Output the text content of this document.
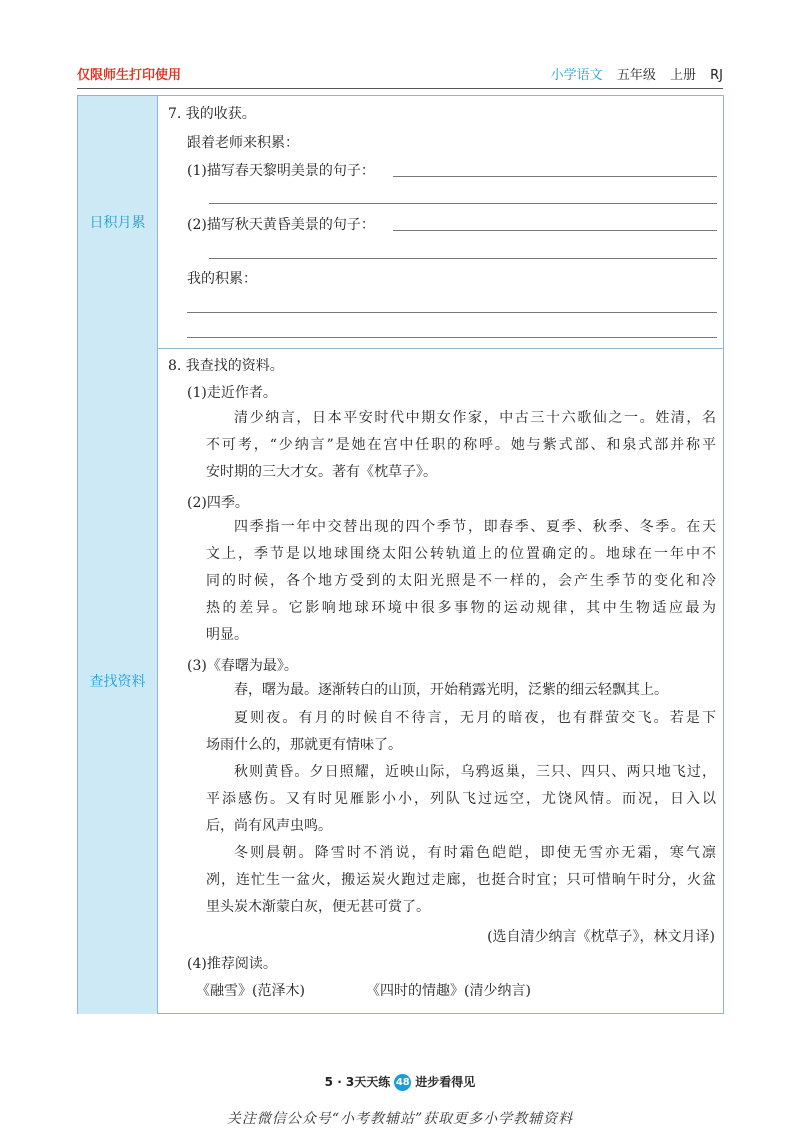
仅限师生打印使用	小学语文 五年级 上册 RJ
日积月累
查找资料
7. 我的收获。
跟着老师来积累：
(1)描写春天黎明美景的句子：
(2)描写秋天黄昏美景的句子：
我的积累：
8. 我查找的资料。
(1)走近作者。
清少纳言，日本平安时代中期女作家，中古三十六歌仙之一。姓清，名
不可考，“少纳言”是她在宫中任职的称呼。她与紫式部、和泉式部并称平
安时期的三大才女。著有《枕草子》。
(2)四季。
四季指一年中交替出现的四个季节，即春季、夏季、秋季、冬季。在天
文上，季节是以地球围绕太阳公转轨道上的位置确定的。地球在一年中不
同的时候，各个地方受到的太阳光照是不一样的，会产生季节的变化和冷
热的差异。它影响地球环境中很多事物的运动规律，其中生物适应最为
明显。
(3)《春曙为最》。
春，曙为最。逐渐转白的山顶，开始稍露光明，泛紫的细云轻飘其上。
夏则夜。有月的时候自不待言，无月的暗夜，也有群萤交飞。若是下
场雨什么的，那就更有情味了。
秋则黄昏。夕日照耀，近映山际，乌鸦返巢，三只、四只、两只地飞过，
平添感伤。又有时见雁影小小，列队飞过远空，尤饶风情。而况，日入以
后，尚有风声虫鸣。
冬则晨朝。降雪时不消说，有时霜色皑皑，即使无雪亦无霜，寒气凛
冽，连忙生一盆火，搬运炭火跑过走廊，也挺合时宜；只可惜晌午时分，火盆
里头炭木渐蒙白灰，便无甚可赏了。
(选自清少纳言《枕草子》，林文月译)
(4)推荐阅读。
《融雪》(范泽木)	《四时的情趣》(清少纳言)
5 · 3天天练 48 进步看得见
关注微信公众号“小考教辅站”获取更多小学教辅资料
